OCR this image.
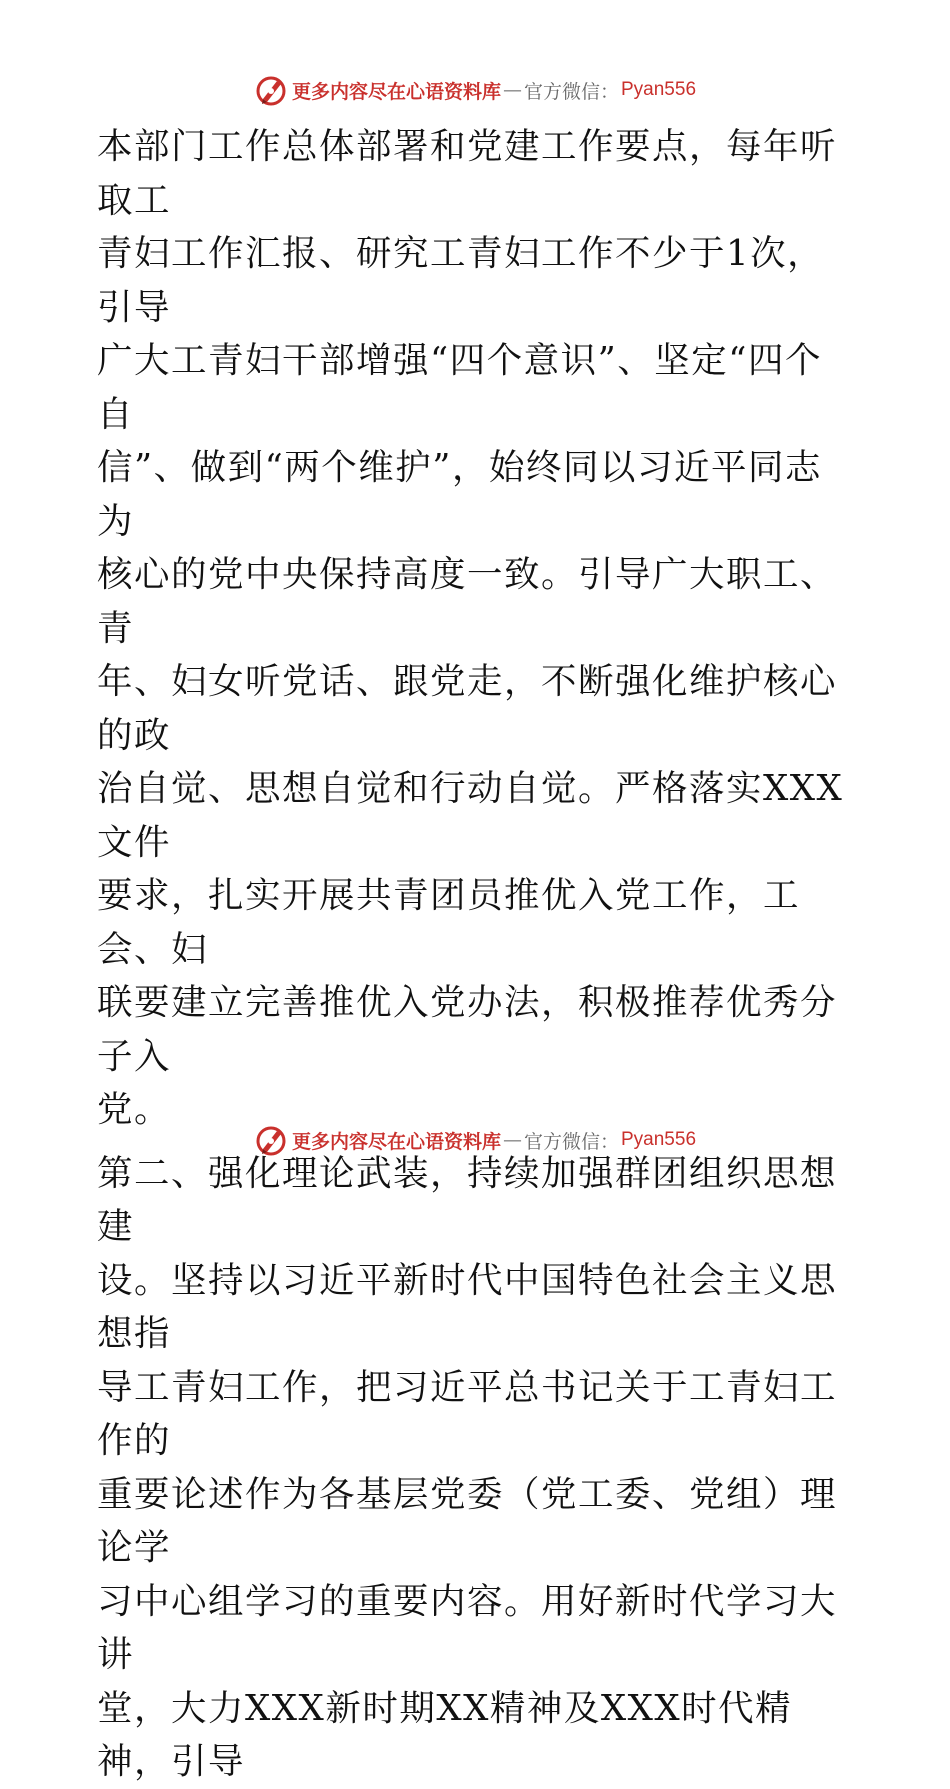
更多内容尽在心语资料库 — 官方微信： Pyan556

本部门工作总体部署和党建工作要点，每年听取工
青妇工作汇报、研究工青妇工作不少于1次，引导
广大工青妇干部增强“四个意识”、坚定“四个自
信”、做到“两个维护”，始终同以习近平同志为
核心的党中央保持高度一致。引导广大职工、青
年、妇女听党话、跟党走，不断强化维护核心的政
治自觉、思想自觉和行动自觉。严格落实XXX文件
要求，扎实开展共青团员推优入党工作，工会、妇
联要建立完善推优入党办法，积极推荐优秀分子入
党。

第二、强化理论武装，持续加强群团组织思想建
设。坚持以习近平新时代中国特色社会主义思想指
导工青妇工作，把习近平总书记关于工青妇工作的
重要论述作为各基层党委（党工委、党组）理论学
习中心组学习的重要内容。用好新时代学习大讲
堂，大力XXX新时期XX精神及XXX时代精神，引导

更多内容尽在心语资料库 — 官方微信： Pyan556
